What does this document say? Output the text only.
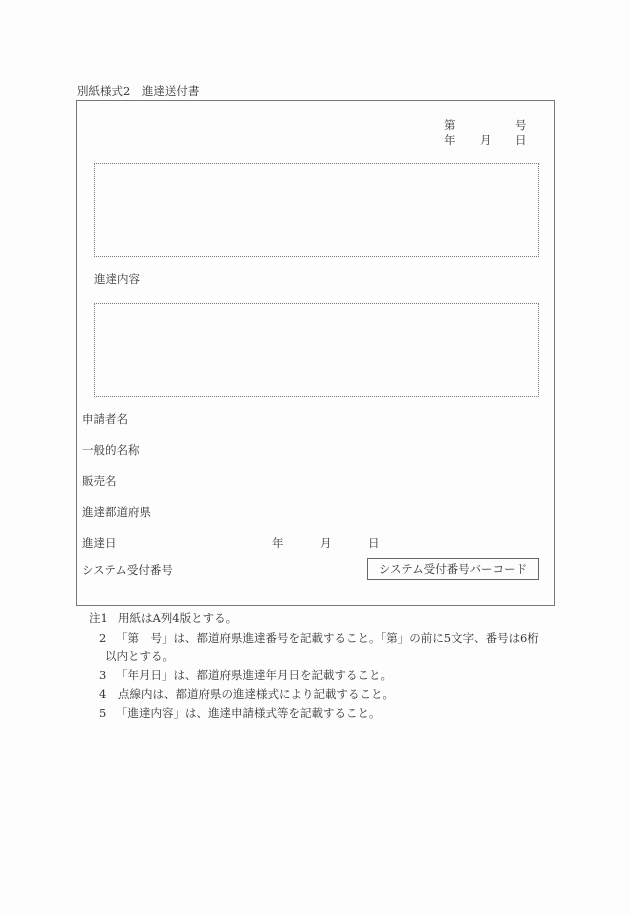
別紙様式2　進達送付書
第	号
年 月 日
進達内容
申請者名
一般的名称
販売名
進達都道府県
進達日	年	月	日
システム受付番号	システム受付番号バーコード
注1 用紙はA列4版とする。
2 「第　号」は、都道府県進達番号を記載すること。「第」の前に5文字、番号は6桁
以内とする。
3 「年月日」は、都道府県進達年月日を記載すること。
4 点線内は、都道府県の進達様式により記載すること。
5 「進達内容」は、進達申請様式等を記載すること。
